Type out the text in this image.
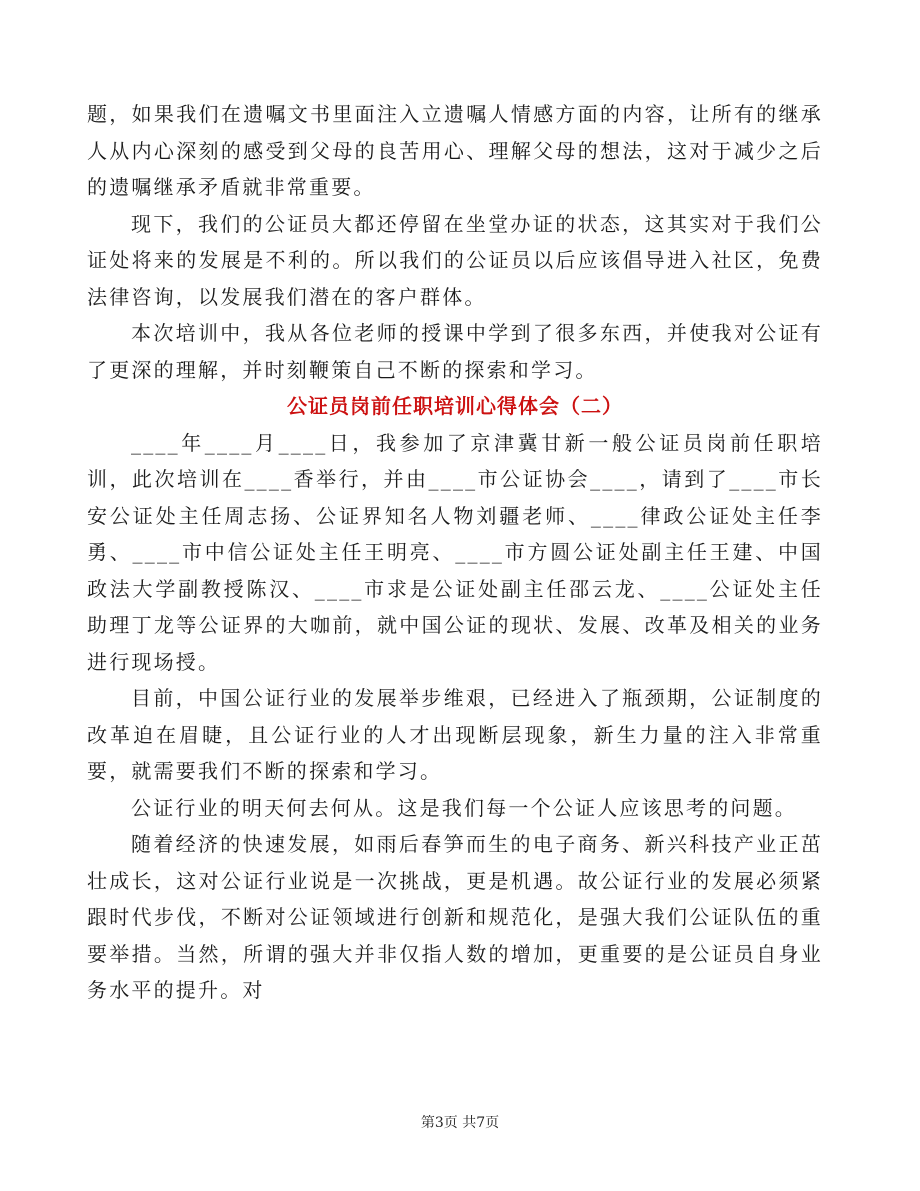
题，如果我们在遗嘱文书里面注入立遗嘱人情感方面的内容，让所有的继承人从内心深刻的感受到父母的良苦用心、理解父母的想法，这对于减少之后的遗嘱继承矛盾就非常重要。

现下，我们的公证员大都还停留在坐堂办证的状态，这其实对于我们公证处将来的发展是不利的。所以我们的公证员以后应该倡导进入社区，免费法律咨询，以发展我们潜在的客户群体。

本次培训中，我从各位老师的授课中学到了很多东西，并使我对公证有了更深的理解，并时刻鞭策自己不断的探索和学习。

公证员岗前任职培训心得体会（二）

____年____月____日，我参加了京津冀甘新一般公证员岗前任职培训，此次培训在____香举行，并由____市公证协会____，请到了____市长安公证处主任周志扬、公证界知名人物刘疆老师、____律政公证处主任李勇、____市中信公证处主任王明亮、____市方圆公证处副主任王建、中国政法大学副教授陈汉、____市求是公证处副主任邵云龙、____公证处主任助理丁龙等公证界的大咖前，就中国公证的现状、发展、改革及相关的业务进行现场授。

目前，中国公证行业的发展举步维艰，已经进入了瓶颈期，公证制度的改革迫在眉睫，且公证行业的人才出现断层现象，新生力量的注入非常重要，就需要我们不断的探索和学习。

公证行业的明天何去何从。这是我们每一个公证人应该思考的问题。

随着经济的快速发展，如雨后春笋而生的电子商务、新兴科技产业正茁壮成长，这对公证行业说是一次挑战，更是机遇。故公证行业的发展必须紧跟时代步伐，不断对公证领域进行创新和规范化，是强大我们公证队伍的重要举措。当然，所谓的强大并非仅指人数的增加，更重要的是公证员自身业务水平的提升。对

第3页 共7页
